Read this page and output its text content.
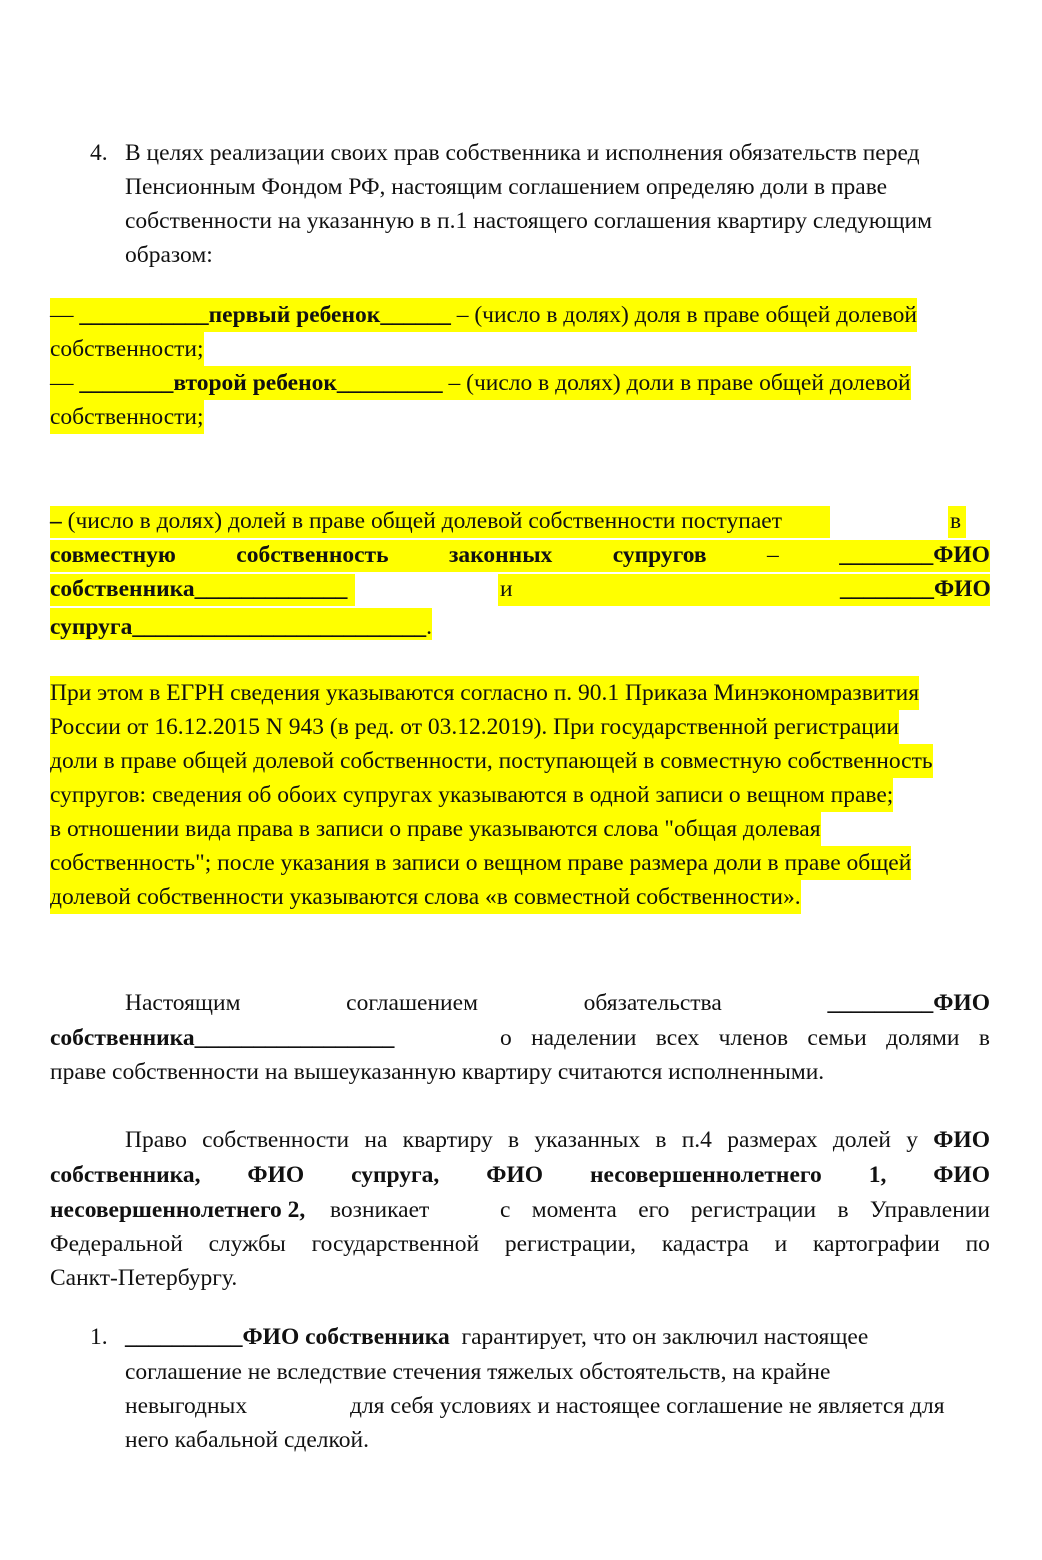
4. В целях реализации своих прав собственника и исполнения обязательств перед
Пенсионным Фондом РФ, настоящим соглашением определяю доли в праве
собственности на указанную в п.1 настоящего соглашения квартиру следующим
образом:
— ___________первый ребенок______ – (число в долях) доля в праве общей долевой
собственности;
— ________второй ребенок_________ – (число в долях) доли в праве общей долевой
собственности;
– (число в долях) долей в праве общей долевой собственности поступает	в
совместную	собственность	законных	супругов	–	________ФИО
собственника_____________	и	________ФИО
супруга_________________________.
При этом в ЕГРН сведения указываются согласно п. 90.1 Приказа Минэкономразвития
России от 16.12.2015 N 943 (в ред. от 03.12.2019). При государственной регистрации
доли в праве общей долевой собственности, поступающей в совместную собственность
супругов: сведения об обоих супругах указываются в одной записи о вещном праве;
в отношении вида права в записи о праве указываются слова "общая долевая
собственность"; после указания в записи о вещном праве размера доли в праве общей
долевой собственности указываются слова «в совместной собственности».
Настоящим	соглашением	обязательства	_________ФИО
собственника_________________	о наделении всех членов семьи долями в
праве собственности на вышеуказанную квартиру считаются исполненными.
Право собственности на квартиру в указанных в п.4 размерах долей у ФИО
собственника, ФИО супруга, ФИО несовершеннолетнего 1, ФИО
несовершеннолетнего 2, возникает	с момента его регистрации в Управлении
Федеральной службы государственной регистрации, кадастра и картографии по
Санкт-Петербургу.
1. __________ФИО собственника  гарантирует, что он заключил настоящее
соглашение не вследствие стечения тяжелых обстоятельств, на крайне
невыгодных	для себя условиях и настоящее соглашение не является для
него кабальной сделкой.
